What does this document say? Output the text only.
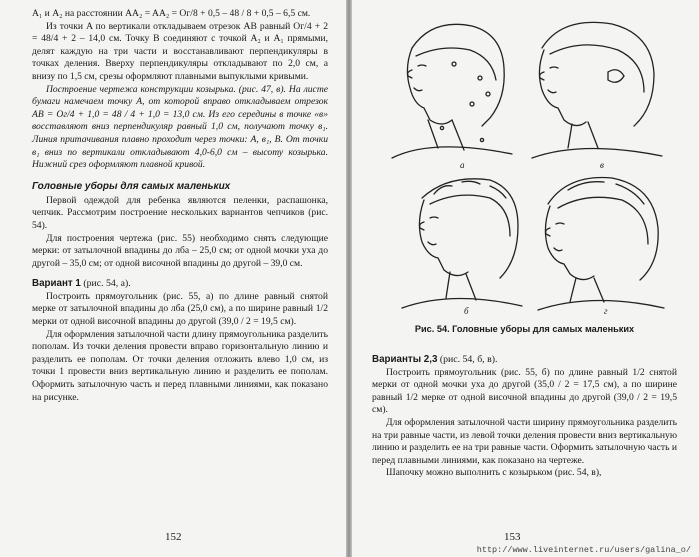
A₁ и A₂ на расстоянии AA₂ = AA₂ = Ог/8 + 0,5 – 48 / 8 + 0,5 – 6,5 см.

Из точки A по вертикали откладываем отрезок AB равный Ог/4 + 2 = 48/4 + 2 – 14,0 см. Точку B соединяют с точкой A₂ и A₁ прямыми, делят каждую на три части и восстанавливают перпендикуляры в точках деления. Вверху перпендикуляры откладывают по 2,0 см, а внизу по 1,5 см, срезы оформляют плавными выпуклыми кривыми.

Построение чертежа конструкции козырька. (рис. 47, в). На листе бумаги намечаем точку A, от которой вправо откладываем отрезок AB = Ог/4 + 1,0 = 48 / 4 + 1,0 = 13,0 см. Из его середины в точке «в» восставляют вниз перпендикуляр равный 1,0 см, получают точку в₁. Линия притачивания плавно проходит через точки: A, в₁, B. От точки в₁ вниз по вертикали откладывают 4,0-6,0 см – высоту козырька. Нижний срез оформляют плавной кривой.

Головные уборы для самых маленьких

Первой одеждой для ребенка являются пеленки, распашонка, чепчик. Рассмотрим построение нескольких вариантов чепчиков (рис. 54).

Для построения чертежа (рис. 55) необходимо снять следующие мерки: от затылочной впадины до лба – 25,0 см; от одной мочки уха до другой – 35,0 см; от одной височной впадины до другой – 39,0 см.

Вариант 1 (рис. 54, а).

Построить прямоугольник (рис. 55, а) по длине равный снятой мерке от затылочной впадины до лба (25,0 см), а по ширине равный 1/2 мерки от одной височной впадины до другой (39,0 / 2 = 19,5 см).

Для оформления затылочной части длину прямоугольника разделить пополам. Из точки деления провести вправо горизонтальную линию и разделить ее пополам. От точки деления отложить влево 1,0 см, из точки 1 провести вниз вертикальную линию и разделить ее пополам. Оформить затылочную часть и перед плавными линиями, как показано на рисунке.

152
а	в
б	г
Рис. 54. Головные уборы для самых маленьких
Варианты 2,3 (рис. 54, б, в).

Построить прямоугольник (рис. 55, б) по длине равный 1/2 снятой мерки от одной мочки уха до другой (35,0 / 2 = 17,5 см), а по ширине равный 1/2 мерке от одной височной впадины до другой (39,0 / 2 = 19,5 см).

Для оформления затылочной части ширину прямоугольника разделить на три равные части, из левой точки деления провести вниз вертикальную линию и разделить ее на три равные части. Оформить затылочную часть и перед плавными линиями, как показано на чертеже.

Шапочку можно выполнить с козырьком (рис. 54, в),

153
http://www.liveinternet.ru/users/galina_o/
